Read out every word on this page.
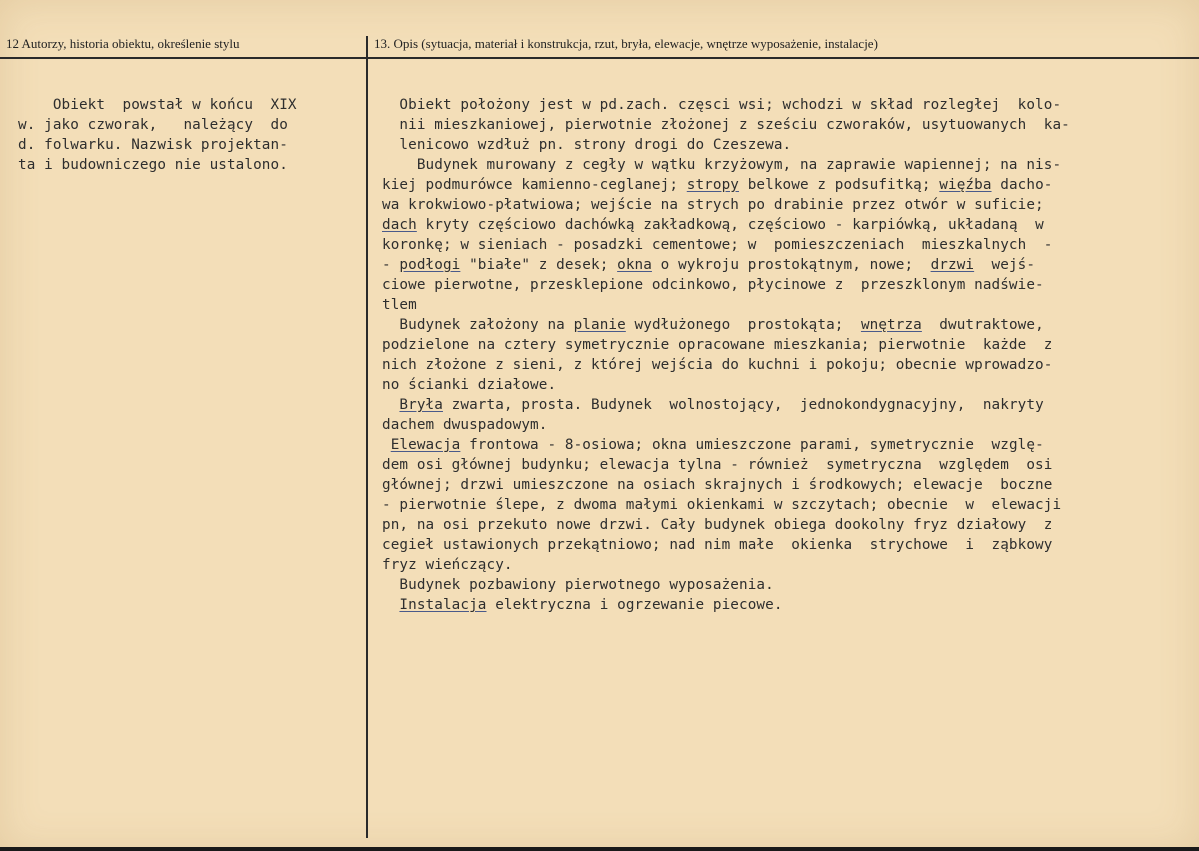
12 Autorzy, historia obiektu, określenie stylu	13. Opis (sytuacja, materiał i konstrukcja, rzut, bryła, elewacje, wnętrze wyposażenie, instalacje)
Obiekt  powstał w końcu  XIX
w. jako czworak,   należący  do
d. folwarku. Nazwisk projektan-
ta i budowniczego nie ustalono.
Obiekt położony jest w pd.zach. częsci wsi; wchodzi w skład rozległej  kolo-
nii mieszkaniowej, pierwotnie złożonej z sześciu czworaków, usytuowanych  ka-
lenicowo wzdłuż pn. strony drogi do Czeszewa.
Budynek murowany z cegły w wątku krzyżowym, na zaprawie wapiennej; na nis-
kiej podmurówce kamienno-ceglanej; stropy belkowe z podsufitką; więźba dacho-
wa krokwiowo-płatwiowa; wejście na strych po drabinie przez otwór w suficie;
dach kryty częściowo dachówką zakładkową, częściowo - karpiówką, układaną  w
koronkę; w sieniach - posadzki cementowe; w  pomieszczeniach  mieszkalnych  -
- podłogi "białe" z desek; okna o wykroju prostokątnym, nowe;  drzwi  wejś-
ciowe pierwotne, przesklepione odcinkowo, płycinowe z  przeszklonym nadświe-
tlem
Budynek założony na planie wydłużonego  prostokąta;  wnętrza  dwutraktowe,
podzielone na cztery symetrycznie opracowane mieszkania; pierwotnie  każde  z
nich złożone z sieni, z której wejścia do kuchni i pokoju; obecnie wprowadzo-
no ścianki działowe.
Bryła zwarta, prosta. Budynek  wolnostojący,  jednokondygnacyjny,  nakryty
dachem dwuspadowym.
Elewacja frontowa - 8-osiowa; okna umieszczone parami, symetrycznie  wzglę-
dem osi głównej budynku; elewacja tylna - również  symetryczna  względem  osi
głównej; drzwi umieszczone na osiach skrajnych i środkowych; elewacje  boczne
- pierwotnie ślepe, z dwoma małymi okienkami w szczytach; obecnie  w  elewacji
pn, na osi przekuto nowe drzwi. Cały budynek obiega dookolny fryz działowy  z
cegieł ustawionych przekątniowo; nad nim małe  okienka  strychowe  i  ząbkowy
fryz wieńczący.
Budynek pozbawiony pierwotnego wyposażenia.
Instalacja elektryczna i ogrzewanie piecowe.
